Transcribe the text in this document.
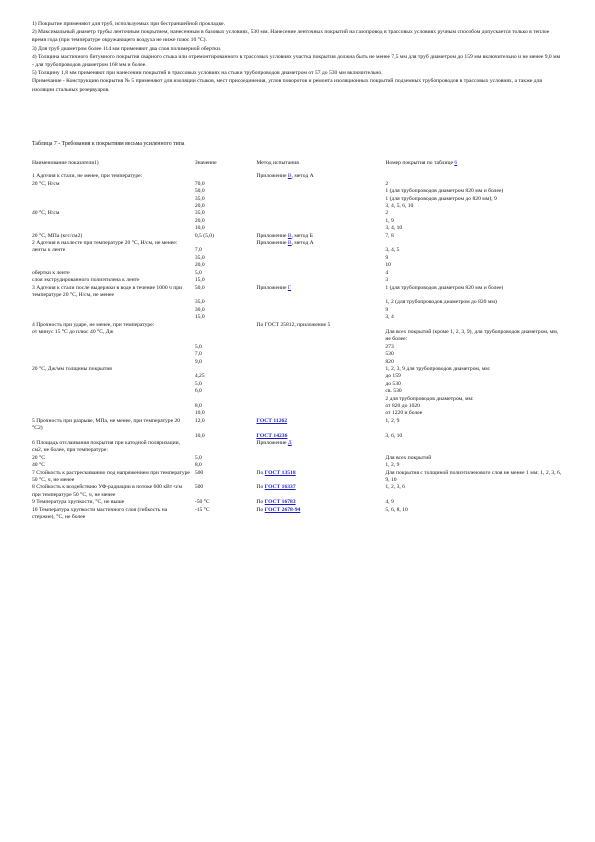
1) Покрытие применяют для труб, используемых при бестраншейной прокладке.

2) Максимальный диаметр трубы ленточным покрытием, нанесенным в базовых условиях, 530 мм. Нанесение ленточных покрытий на газопровод в трассовых условиях ручным способом допускается только в теплое время года (при температуре окружающего воздуха не ниже плюс 10 °С).

3) Для труб диаметром более 114 мм применяют два слоя полимерной обертки.

4) Толщина мастичного битумного покрытия сварного стыка или отремонтированного в трассовых условиях участка покрытия должна быть не менее 7,5 мм для труб диаметром до 159 мм включительно и не менее 9,0 мм - для трубопроводов диаметром 168 мм и более.

5) Толщину 1,8 мм применяют при нанесении покрытий в трассовых условиях на стыки трубопроводов диаметром от 57 до 530 мм включительно.

Примечание - Конструкцию покрытия № 5 применяют для изоляции стыков, мест присоединения, углов поворотов и ремонта изоляционных покрытий подземных трубопроводов в трассовых условиях, а также для изоляции стальных резервуаров.

Таблица 7 - Требования к покрытиям весьма усиленного типа
Наименование показателя1)	Значение	Метод испытания	Номер покрытия по таблице 6
1 Адгезия к стали, не менее, при температуре:		Приложение В, метод А	
20 °С, Н/см	70,0		2
	50,0		1 (для трубопроводов диаметром 820 мм и более)
	35,0		1 (для трубопроводов диаметром до 820 мм), 9
	20,0		3, 4, 5, 6, 10
40 °С, Н/см	35,0		2
	20,0		1, 9
	10,0		3, 4, 10
20 °С, МПа (кгс/см2)	0,5 (5,0)	Приложение В, метод Б	7, 8
2 Адгезия в нахлесте при температуре 20 °С, Н/см, не менее:		Приложение В, метод А	
ленты к ленте	7,0		3, 4, 5
	35,0		9
	20,0		10
обертки к ленте	5,0		4
слоя экструдированного полиэтилена к ленте	15,0		3
3 Адгезия к стали после выдержки в воде в течение 1000 ч при температуре 20 °С, Н/см, не менее	50,0	Приложение Г	1 (для трубопроводов диаметром 820 мм и более)
	35,0		1, 2 (для трубопроводов диаметром до 820 мм)
	30,0		9
	15,0		3, 4
4 Прочность при ударе, не менее, при температуре:		По ГОСТ 25812, приложение 5	
от минус 15 °С до плюс 40 °С, Дж			Для всех покрытий (кроме 1, 2, 3, 9), для трубопроводов диаметром, мм, не более:
	5,0		273
	7,0		530
	9,0		820
20 °С, Дж/мм толщины покрытия			1, 2, 3, 9 для трубопроводов диаметром, мм:
	4,25		до 159
	5,0		до 530
	6,0		св. 530
			2 для трубопроводов диаметром, мм:
	8,0		от 820 до 1020
	10,0		от 1220 и более
5 Прочность при разрыве, МПа, не менее, при температуре 20 °С2)	12,0	ГОСТ 11262	1, 2, 9
	10,0	ГОСТ 14236	3, 6, 10
6 Площадь отслаивания покрытия при катодной поляризации, см2, не более, при температуре:		Приложение Д	
20 °С	5,0		Для всех покрытий
40 °С	8,0		1, 2, 9
7 Стойкость к растрескиванию под напряжением при температуре 50 °С, ч, не менее	500	По ГОСТ 13518	Для покрытия с толщиной полиэтиленового слоя не менее 1 мм: 1, 2, 3, 6, 9, 10
8 Стойкость к воздействию УФ-радиации в потоке 600 кВт·ч/м при температуре 50 °С, ч, не менее	500	По ГОСТ 16337	1, 2, 3, 6
9 Температура хрупкости, °С, не выше	-50 °С	По ГОСТ 16783	4, 9
10 Температура хрупкости мастичного слоя (гибкость на стержне), °С, не более	-15 °С	По ГОСТ 2678-94	5, 6, 8, 10
